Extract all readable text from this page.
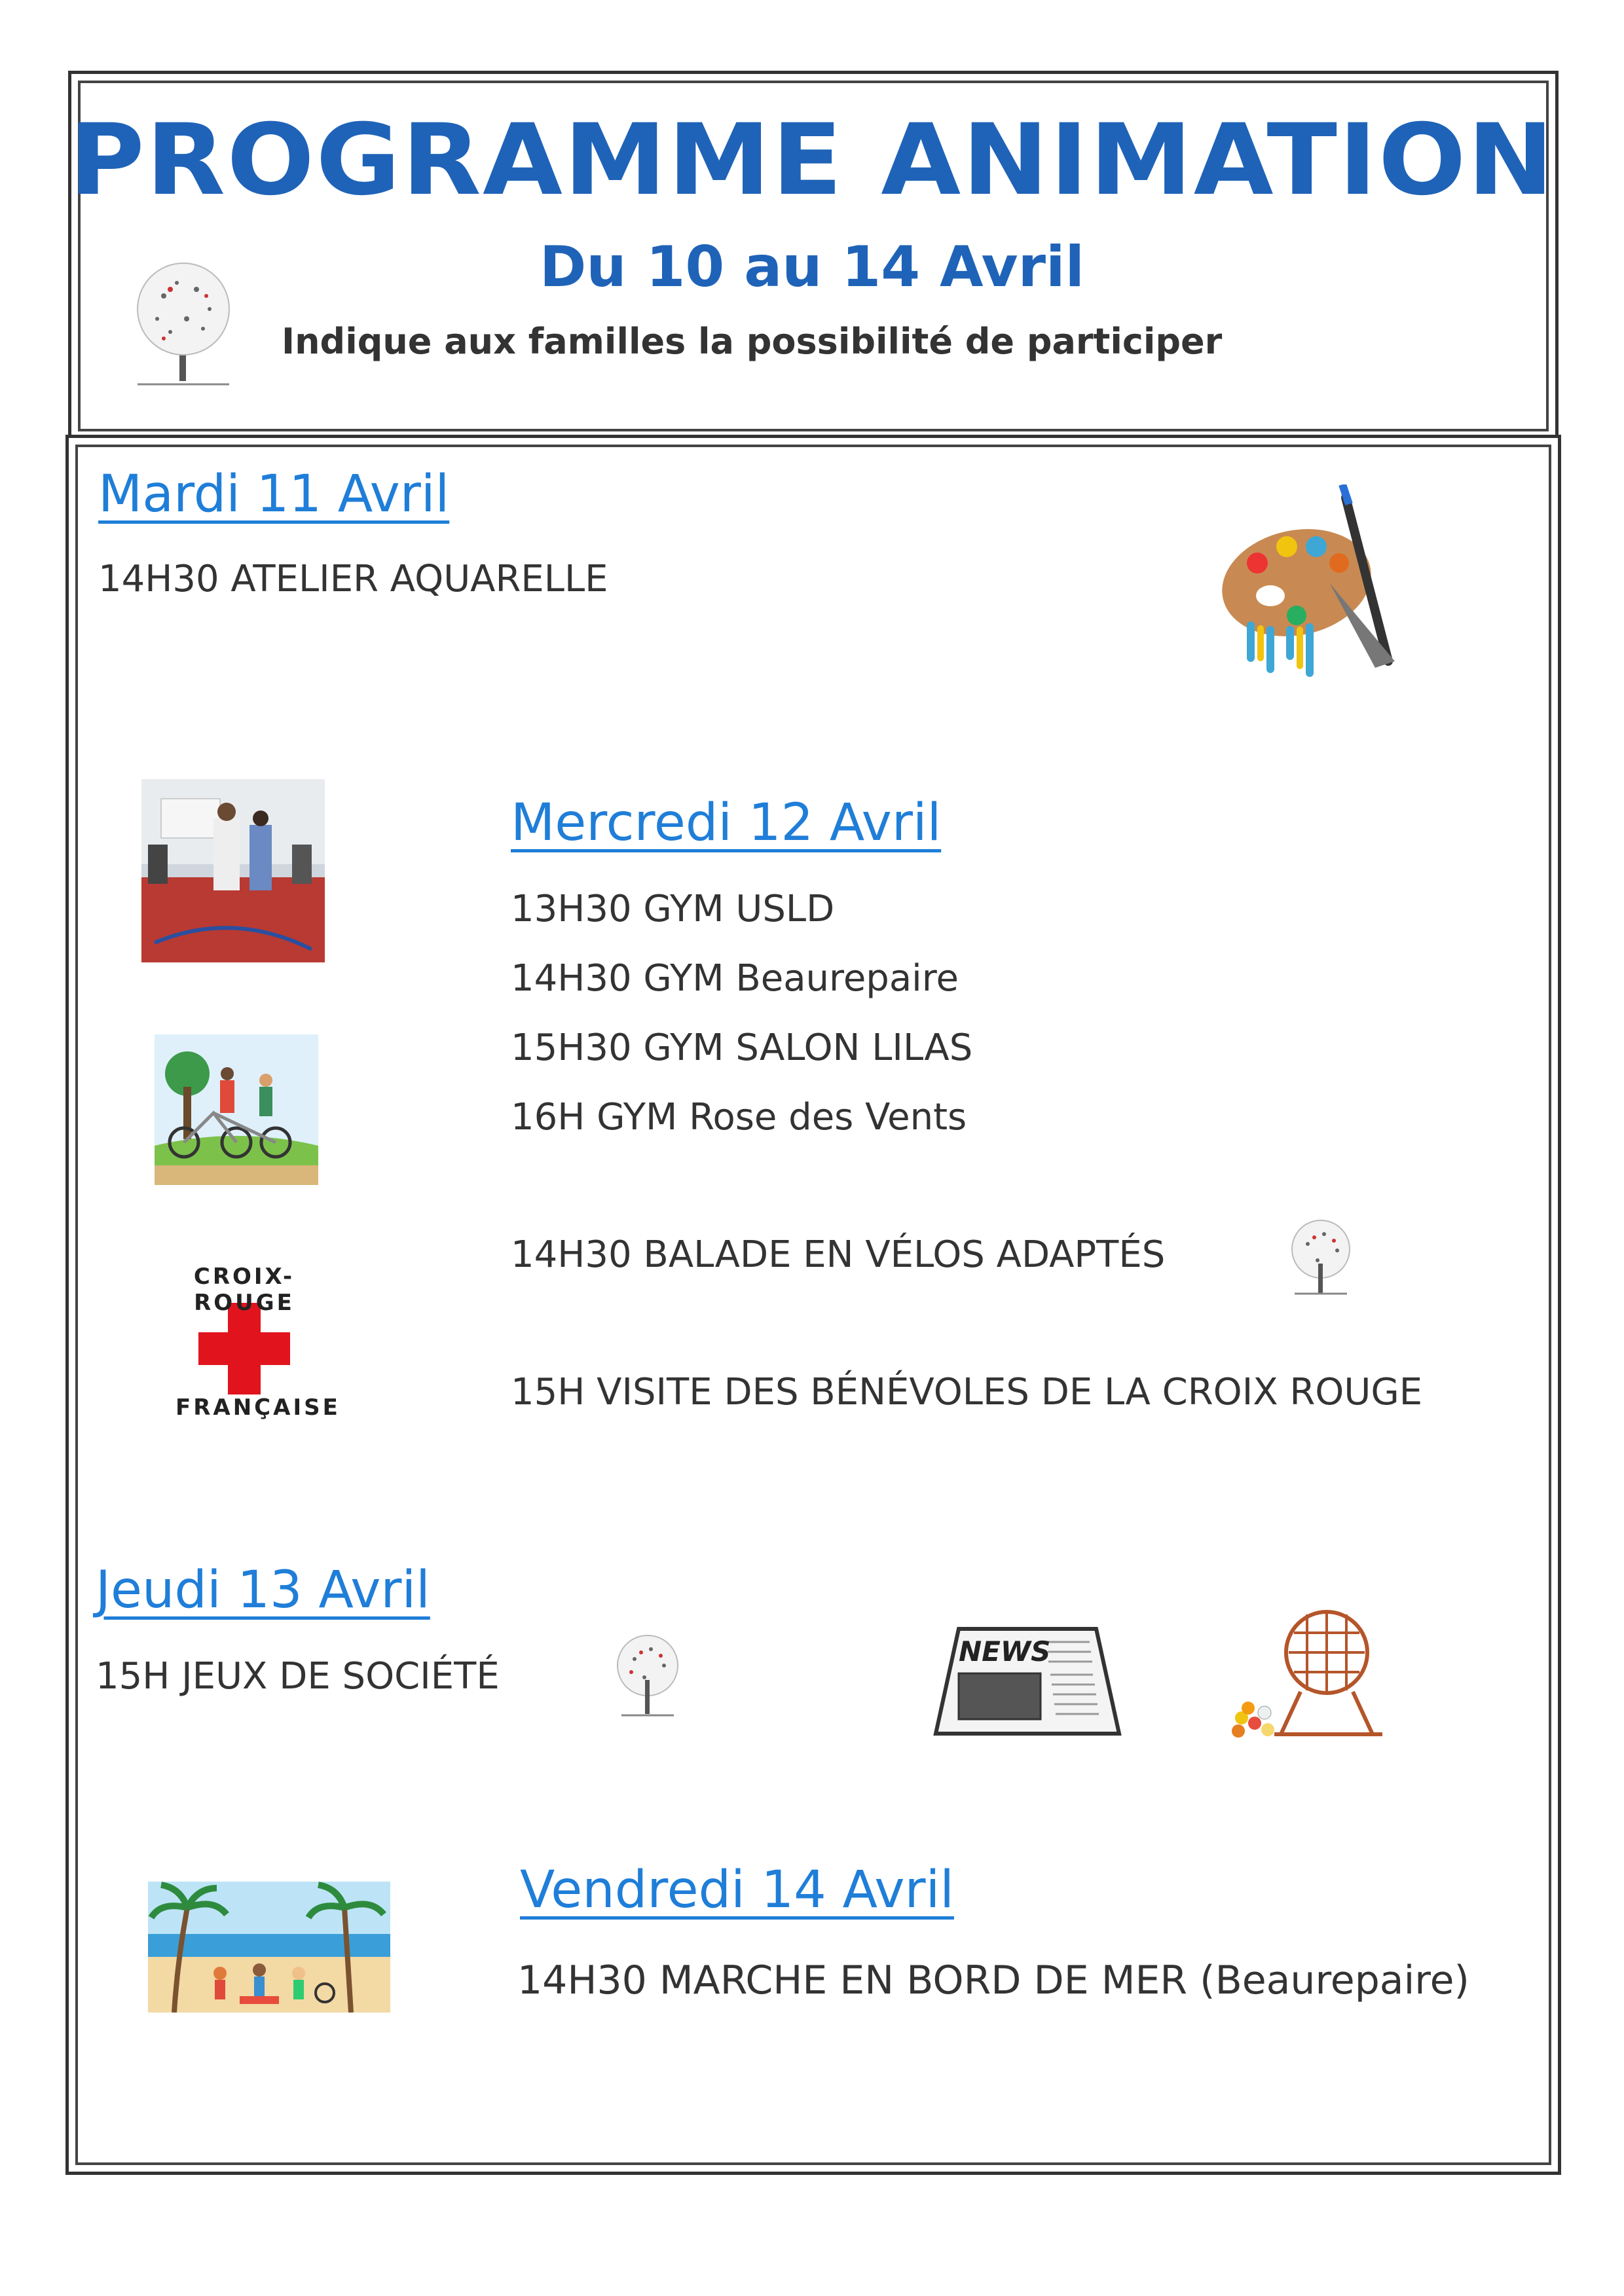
PROGRAMME ANIMATION
Du 10 au 14 Avril
Indique aux familles la possibilité de participer
Mardi 11 Avril
14H30 ATELIER AQUARELLE
CROIX-ROUGE
FRANÇAISE
Mercredi 12 Avril
13H30 GYM USLD
14H30 GYM Beaurepaire
15H30 GYM SALON LILAS
16H GYM Rose des Vents
14H30 BALADE EN VÉLOS ADAPTÉS
15H VISITE DES BÉNÉVOLES DE LA CROIX ROUGE
Jeudi 13 Avril
15H JEUX DE SOCIÉTÉ
NEWS
Vendredi 14 Avril
14H30 MARCHE EN BORD DE MER (Beaurepaire)
